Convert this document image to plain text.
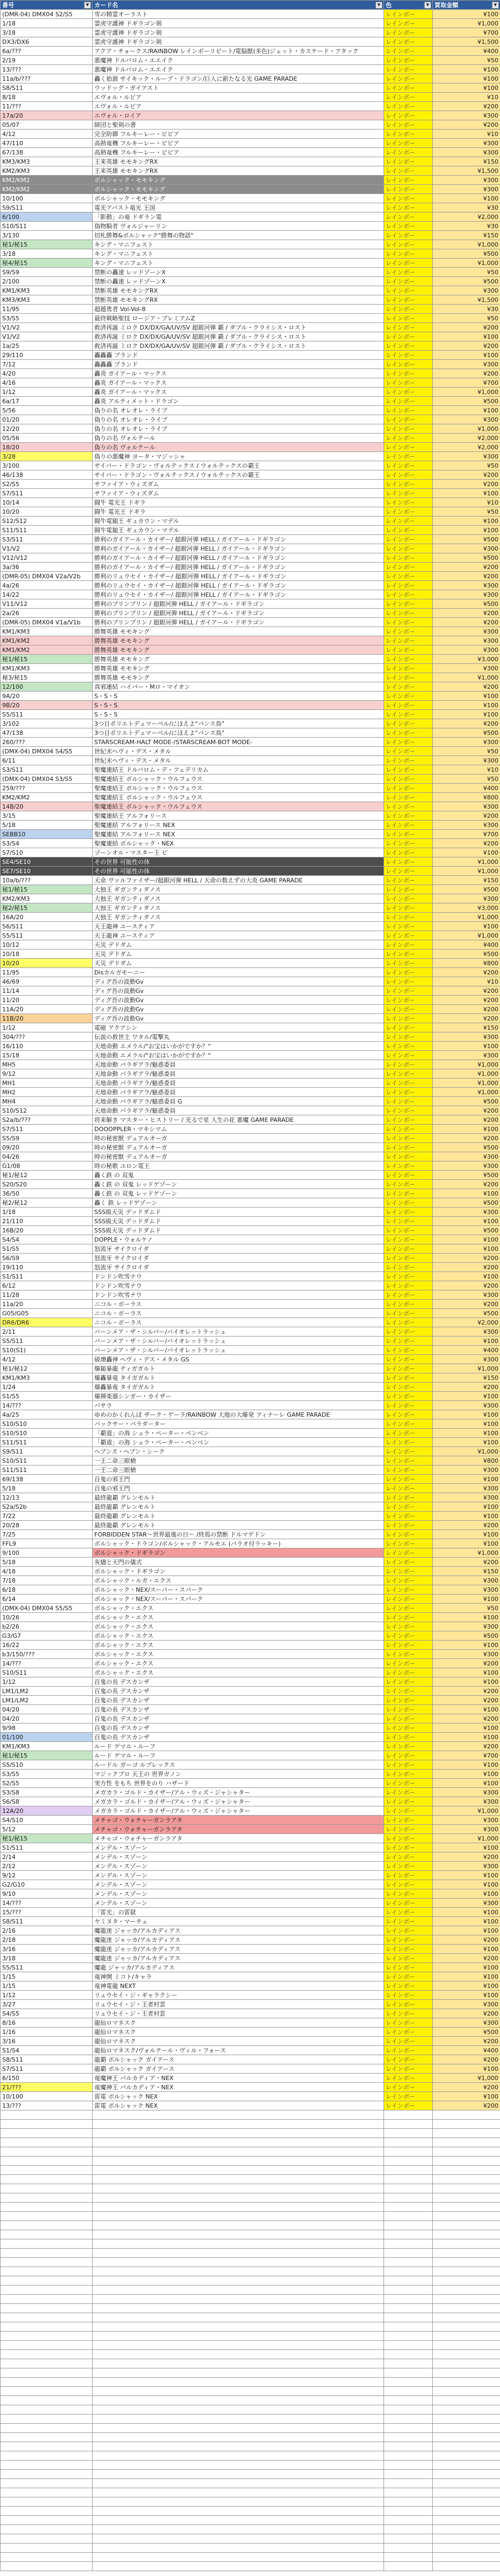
番号 ▼	カード名 ▼	色 ▼	買取金額 ▼

(DMR-04) DMX04 S2/S5	雪の精霊オーラスト	レインボー	¥100
1/18	霊虎守護神 ドギラゴン剣	レインボー	¥1,000
3/18	霊虎守護神 ドギラゴン剣	レインボー	¥700
DX3/DX6	霊虎守護神 ドギラゴン剣	レインボー	¥1,500
6a/???	アクア・チョークス/RAINBOW レインボーリピート/電脳獣(多色)ジェット・カスケード・アタック	レインボー	¥400
2/19	悪魔神 ドルバロム・エエイク	レインボー	¥50
13/???	悪魔神 ドルバロム・エエイク	レインボー	¥100
11a/b/???	轟く始源 サイキック・ルーブ・ドラゴン/巨人に新たなる光 GAME PARADE	レインボー	¥100
S8/S11	ウッドッグ・ガイアスト	レインボー	¥100
8/18	エヴォル・ルビア	レインボー	¥10
11/???	エヴォル・ルビア	レインボー	¥200
17a/20	エヴォル・ロイア	レインボー	¥300
05/07	師団と聖剣の書	レインボー	¥200
4/12	完全防御 フルキーレー・ビビア	レインボー	¥10
47/110	高熱竜機 フルキーレー・ビビア	レインボー	¥300
67/138	高熱竜機 フルキーレー・ビビア	レインボー	¥300
KM3/KM3	王来英雄 モモキングRX	レインボー	¥150
KM2/KM3	王来英雄 モモキングRX	レインボー	¥1,500
KM2/KM2	ボルシャック・モモキング	レインボー	¥300
KM2/KM2	ボルシャック・モモキング	レインボー	¥300
10/100	ボルシャック・モモキング	レインボー	¥100
S9/S11	電光アバスト竜光 王国	レインボー	¥30
6/100	「影動」の竜 ドギラン電	レインボー	¥2,000
S10/S11	偽物騎者 ヴォルジャーリン	レインボー	¥30
3/130	切札勝舞&ボルシャック"勝舞の物語"	レインボー	¥150
秘1/秘15	キング・マニフェスト	レインボー	¥1,000
3/18	キング・マニフェスト	レインボー	¥500
秘4/秘15	キング・マニフェスト	レインボー	¥1,000
S9/S9	禁断の轟速 レッドゾーンX	レインボー	¥50
2/100	禁断の轟速 レッドゾーンX	レインボー	¥500
KM1/KM3	禁断英雄 モモキングRX	レインボー	¥300
KM3/KM3	禁断英雄 モモキングRX	レインボー	¥1,500
11/95	超越勇者 Vol-Vol-8	レインボー	¥30
S3/S5	最終戦略聖技 ロージア・プレミアムZ	レインボー	¥50
V1/V2	救済再誕 ミロク DX/DX/GA/UV/SV 超銀河弾 覇 / ダブル・クライシス・ロスト	レインボー	¥200
V1/V2	救済再誕 ミロク DX/DX/GA/UV/SV 超銀河弾 覇 / ダブル・クライシス・ロスト	レインボー	¥100
1a/25	救済再誕 ミロク DX/DX/GA/UV/SV 超銀河弾 覇 / ダブル・クライシス・ロスト	レインボー	¥200
29/110	轟轟轟 ブランド	レインボー	¥100
7/12	轟轟轟 ブランド	レインボー	¥300
4/20	轟炎 ガイアール・マックス	レインボー	¥200
4/16	轟炎 ガイアール・マックス	レインボー	¥700
1/12	轟炎 ガイアール・マックス	レインボー	¥1,000
6a/17	轟炎 アルティメット・ドラゴン	レインボー	¥500
5/56	偽りの名 オレオレ・ライブ	レインボー	¥100
01/20	偽りの名 オレオレ・ライブ	レインボー	¥300
12/20	偽りの名 オレオレ・ライブ	レインボー	¥1,000
05/56	偽りの名 ヴォルテール	レインボー	¥2,000
18/20	偽りの名 ヴォルテール	レインボー	¥2,000
3/28	偽りの悪魔神 ヨータ・マジッシャ	レインボー	¥300
3/100	サイバー・ドラゴン・ヴォルテックス / ウォルテックスの覇王	レインボー	¥50
46/138	サイバー・ドラゴン・ヴォルテックス / ウォルテックスの覇王	レインボー	¥200
S2/S5	サファイア・ウィズダム	レインボー	¥200
S7/S11	サファイア・ウィズダム	レインボー	¥100
10/14	闘牛 電光王 ドギラ	レインボー	¥10
10/20	闘牛 電光王 ドギラ	レインボー	¥50
S12/S12	闘牛電鎚王 ギュカウン・マデル	レインボー	¥100
S11/S11	闘牛電鎚王 ギュカウン・マデル	レインボー	¥100
S3/S11	勝利のガイアール・カイザー/ 超銀河弾 HELL / ガイアール・ドギラゴン	レインボー	¥500
V1/V2	勝利のガイアール・カイザー/ 超銀河弾 HELL / ガイアール・ドギラゴン	レインボー	¥300
V12/V12	勝利のガイアール・カイザー/ 超銀河弾 HELL / ガイアール・ドギラゴン	レインボー	¥500
3a/36	勝利のガイアール・カイザー/ 超銀河弾 HELL / ガイアール・ドギラゴン	レインボー	¥200
(DMR-05) DMX04 V2a/V2b	勝利のリュウセイ・カイザー/ 超銀河弾 HELL / ガイアール・ドギラゴン	レインボー	¥200
4a/26	勝利のリュウセイ・カイザー/ 超銀河弾 HELL / ガイアール・ドギラゴン	レインボー	¥300
14/22	勝利のリュウセイ・カイザー/ 超銀河弾 HELL / ガイアール・ドギラゴン	レインボー	¥300
V11/V12	勝利のプリンプリン / 超銀河弾 HELL / ガイアール・ドギラゴン	レインボー	¥500
2a/26	勝利のプリンプリン / 超銀河弾 HELL / ガイアール・ドギラゴン	レインボー	¥200
(DMR-05) DMX04 V1a/V1b	勝利のプリンプリン / 超銀河弾 HELL / ガイアール・ドギラゴン	レインボー	¥200
KM1/KM3	勝舞英雄 モモキング	レインボー	¥300
KM1/KM2	勝舞英雄 モモキング	レインボー	¥300
KM1/KM2	勝舞英雄 モモキング	レインボー	¥300
秘1/秘15	勝舞英雄 モモキング	レインボー	¥3,000
KM1/KM3	勝舞英雄 モモキング	レインボー	¥300
秘3/秘15	勝舞英雄 モモキング	レインボー	¥1,000
12/100	真邪連結 ハイパー・Mロ・マイオン	レインボー	¥200
9A/20	S・S・S	レインボー	¥100
9B/20	S・S・S	レインボー	¥100
S5/S11	S・S・S	レインボー	¥100
3/102	3つ目ポリエトデュマーベル/にほえよ"パンス鳥"	レインボー	¥200
47/138	3つ目ポリエトデュマーベル/にほえよ"パンス鳥"	レインボー	¥500
260/???	STARSCREAM-HALT MODE-/STARSCREAM-BOT MODE-	レインボー	¥300
(DMX-04) DMX04 S4/S5	世紀末ヘヴィ・デス・メタル	レインボー	¥50
6/11	世紀末ヘヴィ・デス・メタル	レインボー	¥300
S3/S11	聖魔連結王 ドルバロム・デ・フェデリカム	レインボー	¥10
(DMX-04) DMX04 S3/S5	聖魔連結王 ボルシャック・ウルフェウス	レインボー	¥50
259/???	聖魔連結王 ボルシャック・ウルフェウス	レインボー	¥400
KM2/KM2	聖魔連結王 ボルシャック・ウルフェウス	レインボー	¥800
14B/20	聖魔連結王 ボルシャック・ウルフェウス	レインボー	¥300
3/15	聖魔連結王 アルフォリース	レインボー	¥200
5/18	聖魔連結 アルフォリース NEX	レインボー	¥300
SEBB10	聖魔連結 アルフォリース NEX	レインボー	¥700
S3/S4	聖魔連結 ボルシャック・NEX	レインボー	¥200
S7/S10	ゾーンオル・マスター王 ビ	レインボー	¥100
SE4/SE10	その世界 可能性の体	レインボー	¥1,000
SE7/SE10	その世界 可能性の体	レインボー	¥1,000
10a/b/???	天命 ヴァルファイザー/超銀河弾 HELL / 天命の数えずの大炎 GAME PARADE	レインボー	¥150
秘1/秘15	大独王 ギガンティダノス	レインボー	¥500
KM2/KM3	大独王 ギガンティダノス	レインボー	¥300
秘2/秘15	大独王 ギガンティダノス	レインボー	¥3,000
16A/20	大独王 ギガンティダノス	レインボー	¥1,000
S6/S11	天王龍神 ユースティア	レインボー	¥100
S5/S11	天王龍神 ユースティア	レインボー	¥1,000
10/12	天災 デドダム	レインボー	¥400
10/18	天災 デドダム	レインボー	¥500
10/20	天災 デドダム	レインボー	¥800
11/95	Disカルガモーニー	レインボー	¥200
46/69	ディグ吾の波動Gv	レインボー	¥10
11/14	ディグ吾の波動Gv	レインボー	¥200
11/20	ディグ吾の波動Gv	レインボー	¥200
11A/20	ディグ吾の波動Gv	レインボー	¥200
11B/20	ディグ吾の波動Gv	レインボー	¥200
1/12	電磁 アクアシン	レインボー	¥150
304/???	伝説の救世主 ワタル/電撃丸	レインボー	¥300
16/110	天地命動 エメラル/"お宝はいかがですか？"	レインボー	¥100
15/18	天地命動 エメラル/"お宝はいかがですか？"	レインボー	¥300
MH5	天地命動 パラギアラ/魅惑委員	レインボー	¥1,000
9/12	天地命動 パラギアラ/魅惑委員	レインボー	¥1,000
MH1	天地命動 パラギアラ/魅惑委員	レインボー	¥1,000
MH2	天地命動 パラギアラ/魅惑委員	レインボー	¥1,000
MH4	天地命動 パラギアラ/魅惑委員 G	レインボー	¥500
S10/S12	天地命動 パラギアラ/魅惑委員	レインボー	¥200
S2a/b/???	将来解き マスター・ヒストリー / 光るで星 人生の花 悪魔 GAME PARADE	レインボー	¥200
S7/S11	DOOOPPLER・マキシマム	レインボー	¥100
S5/S9	時の秘密獣 デュアルオーガ	レインボー	¥200
09/20	時の秘密獣 デュアルオーガ	レインボー	¥500
04/26	時の秘密獣 デュアルオーガ	レインボー	¥300
G1/08	時の秘歌 ユロン電王	レインボー	¥300
秘1/秘12	轟く鉄 の 双鬼	レインボー	¥500
S20/S20	轟く鉄 の 双鬼 レッドゲゾーン	レインボー	¥200
36/50	轟く鉄 の 双鬼 レッドゲゾーン	レインボー	¥100
秘2/秘12	轟く 鉄 レッドゲゾーン	レインボー	¥500
1/18	SSS級天災 デッドダムド	レインボー	¥300
21/110	SSS級天災 デッドダムド	レインボー	¥100
16B/20	SSS級天災 デッドダムド	レインボー	¥500
S4/S4	DOPPLE・ウォルケノ	レインボー	¥100
S1/S5	怒流牙 サイクロイダ	レインボー	¥100
S6/S9	怒流牙 サイクロイダ	レインボー	¥200
19/110	怒流牙 サイクロイダ	レインボー	¥200
S1/S11	ドンドン吹雪ナウ	レインボー	¥100
6/12	ドンドン吹雪ナウ	レインボー	¥200
11/28	ドンドン吹雪ナウ	レインボー	¥300
11a/20	ニコル・ボーラス	レインボー	¥200
G05/G05	ニコル・ボーラス	レインボー	¥500
DR6/DR6	ニコル・ボーラス	レインボー	¥2,000
2/11	バーンメア・ザ・シルバー/バイオレットラッシュ	レインボー	¥300
S5/S11	バーンメア・ザ・シルバー/バイオレットラッシュ	レインボー	¥100
S10(S1)	バーンメア・ザ・シルバー/バイオレットラッシュ	レインボー	¥400
4/12	破壊轟神 ヘヴィ・デス・メタル GS	レインボー	¥300
秘1/秘12	爆鎚暴龍 ティガガルト	レインボー	¥1,000
KM1/KM3	爆轟暴竜 タイガガルト	レインボー	¥150
1/24	爆轟暴竜 タイガガルト	レインボー	¥200
S1/S5	爆揮楽器シンガー・カイザー	レインボー	¥100
14/???	バサラ	レインボー	¥300
4a/25	ゆめのかくれんぼ ザーク・ゲーラ/RAINBOW 大地の大爆発 フィナーレ GAME PARADE	レインボー	¥100
S10/S10	バックサー・パラダーター	レインボー	¥100
S10/S10	「覇道」の海 シュラ・ペーター・ベンベン	レインボー	¥100
S11/S11	「覇道」の海 シュラ・ペーター・ベンベン	レインボー	¥100
S9/S11	ヘブンズ・ヘブン・シーク	レインボー	¥1,000
S10/S11	一王二命三眼槍	レインボー	¥800
S11/S11	一王二命三眼槍	レインボー	¥300
69/138	百鬼の邪王門	レインボー	¥100
5/18	百鬼の邪王門	レインボー	¥300
12/13	最終龍覇 グレンモルト	レインボー	¥300
S2a/S2b	最終龍覇 グレンモルト	レインボー	¥100
7/22	最終龍覇 グレンモルト	レインボー	¥100
20/28	最終龍覇 グレンモルト	レインボー	¥200
7/25	FORBIDDEN STAR〜世界最後の日〜 /終焉の禁断 ドルマゲドン	レインボー	¥100
FFL9	ボルシャック・ドラゴン/ボルシャック・アルモエ (パラオ付ラッキー)	レインボー	¥100
9/100	ボルシャック・ドギラゴン	レインボー	¥1,000
5/18	灰燼と天門の儀式	レインボー	¥200
4/18	ボルシャック・ドギラゴン	レインボー	¥150
7/18	ボルシャック・ルガ・エクス	レインボー	¥300
6/18	ボルシャック・NEX/スーパー・スパーク	レインボー	¥300
6/14	ボルシャック・NEX/スーパー・スパーク	レインボー	¥100
(DMX-04) DMX04 S5/S5	ボルシャック・エクス	レインボー	¥50
10/26	ボルシャック・エクス	レインボー	¥100
b2/26	ボルシャック・エクス	レインボー	¥300
G3/G7	ボルシャック・エクス	レインボー	¥500
16/22	ボルシャック・エクス	レインボー	¥100
b3/150/???	ボルシャック・エクス	レインボー	¥300
14/???	ボルシャック・エクス	レインボー	¥200
S10/S11	ボルシャック・エクス	レインボー	¥100
1/12	百鬼の長 デスカンザ	レインボー	¥100
LM1/LM2	百鬼の長 デスカンザ	レインボー	¥200
LM1/LM2	百鬼の長 デスカンザ	レインボー	¥200
04/20	百鬼の長 デスカンザ	レインボー	¥100
04/20	百鬼の長 デスカンザ	レインボー	¥200
9/98	百鬼の長 デスカンザ	レインボー	¥100
01/100	百鬼の長 デスカンザ	レインボー	¥100
KM1/KM3	ルード ゲマル・ルーフ	レインボー	¥200
秘1/秘15	ルード ゲマル・ルーフ	レインボー	¥700
S5/S10	ルードル ガーゴ ルプレックス	レインボー	¥100
S3/S5	マジックプロ 天王の 世界ガノン	レインボー	¥100
S2/S5	実方性 をもち 世界をのり ハザード	レインボー	¥100
S3/S8	メガカラ・ゴルド・カイザー/アル・ウィズ・ジャシャター	レインボー	¥300
S6/S8	メガカラ・ゴルド・カイザー/アル・ウィズ・ジャシャター	レインボー	¥300
12A/20	メガカラ・ゴルド・カイザー/アル・ウィズ・ジャシャター	レインボー	¥1,000
S4/S10	メチャゴ・ウォチャーガンラアタ	レインボー	¥300
5/12	メチャゴ・ウォチャーガンラアタ	レインボー	¥300
秘1/秘15	メチャゴ・ウォチャーガンラアタ	レインボー	¥1,000
S1/S11	メンデル・スゾーン	レインボー	¥100
2/14	メンデル・スゾーン	レインボー	¥200
2/12	メンデル・スゾーン	レインボー	¥300
9/12	メンデル・スゾーン	レインボー	¥100
G2/G10	メンデル・スゾーン	レインボー	¥100
9/10	メンデル・スゾーン	レインボー	¥100
14/???	メンデル・スゾーン	レインボー	¥300
15/???	「雷光」の雷獄	レインボー	¥100
S8/S11	ヤミヌタ・マーチェ	レインボー	¥100
2/16	魔龍迷 ジャッカ/アルカディアス	レインボー	¥100
2/18	魔龍迷 ジャッカ/アルカディアス	レインボー	¥200
3/16	魔龍迷 ジャッカ/アルカディアス	レインボー	¥100
3/18	魔龍迷 ジャッカ/アルカディアス	レインボー	¥200
S5/S11	魔龍 ジャッカ/アルカディアス	レインボー	¥100
1/15	竜神開 ミコト/キャラ	レインボー	¥100
1/15	竜神電龍 NEXT	レインボー	¥100
1/12	リュウセイ・ジ・ギャラクシー	レインボー	¥100
3/27	リュウセイ・ジ・王者村雲	レインボー	¥300
S4/S5	リュウセイ・ジ・王者村雲	レインボー	¥200
8/16	龍仙ロマネスク	レインボー	¥300
1/16	龍仙ロマネスク	レインボー	¥500
3/16	龍仙ロマネスク	レインボー	¥200
S1/S4	龍仙ロマネスク/ヴォルテール・ヴィル・フォース	レインボー	¥400
S8/S11	龍覇 ボルシャック ガイアース	レインボー	¥200
S7/S11	龍覇 ボルシャック ガイアース	レインボー	¥100
6/150	竜魔神王 バルカディア・NEX	レインボー	¥1,000
21/???	竜魔神王 バルカディア・NEX	レインボー	¥200
10/100	雷電 ボルシャック NEX	レインボー	¥100
13/???	雷電 ボルシャック NEX	レインボー	¥200
